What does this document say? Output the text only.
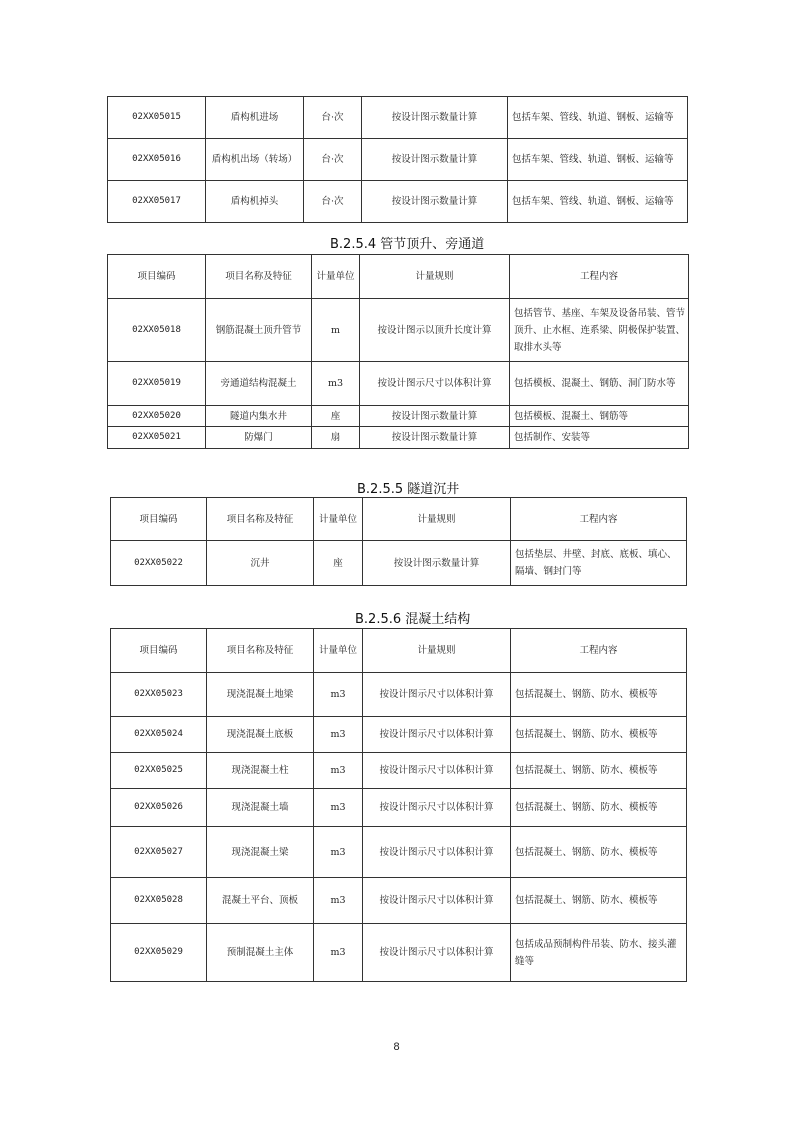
02XX05015	盾构机进场	台·次	按设计图示数量计算	包括车架、管线、轨道、钢板、运输等
02XX05016	盾构机出场（转场）	台·次	按设计图示数量计算	包括车架、管线、轨道、钢板、运输等
02XX05017	盾构机掉头	台·次	按设计图示数量计算	包括车架、管线、轨道、钢板、运输等
B.2.5.4 管节顶升、旁通道
项目编码	项目名称及特征	计量单位	计量规则	工程内容
02XX05018	钢筋混凝土顶升管节	m	按设计图示以顶升长度计算	包括管节、基座、车架及设备吊装、管节顶升、止水框、连系梁、阴极保护装置、取排水头等
02XX05019	旁通道结构混凝土	m3	按设计图示尺寸以体积计算	包括模板、混凝土、钢筋、洞门防水等
02XX05020	隧道内集水井	座	按设计图示数量计算	包括模板、混凝土、钢筋等
02XX05021	防爆门	扇	按设计图示数量计算	包括制作、安装等
B.2.5.5 隧道沉井
项目编码	项目名称及特征	计量单位	计量规则	工程内容
02XX05022	沉井	座	按设计图示数量计算	包括垫层、井壁、封底、底板、填心、隔墙、钢封门等
B.2.5.6 混凝土结构
项目编码	项目名称及特征	计量单位	计量规则	工程内容
02XX05023	现浇混凝土地梁	m3	按设计图示尺寸以体积计算	包括混凝土、钢筋、防水、模板等
02XX05024	现浇混凝土底板	m3	按设计图示尺寸以体积计算	包括混凝土、钢筋、防水、模板等
02XX05025	现浇混凝土柱	m3	按设计图示尺寸以体积计算	包括混凝土、钢筋、防水、模板等
02XX05026	现浇混凝土墙	m3	按设计图示尺寸以体积计算	包括混凝土、钢筋、防水、模板等
02XX05027	现浇混凝土梁	m3	按设计图示尺寸以体积计算	包括混凝土、钢筋、防水、模板等
02XX05028	混凝土平台、顶板	m3	按设计图示尺寸以体积计算	包括混凝土、钢筋、防水、模板等
02XX05029	预制混凝土主体	m3	按设计图示尺寸以体积计算	包括成品预制构件吊装、防水、接头灌缝等
8
